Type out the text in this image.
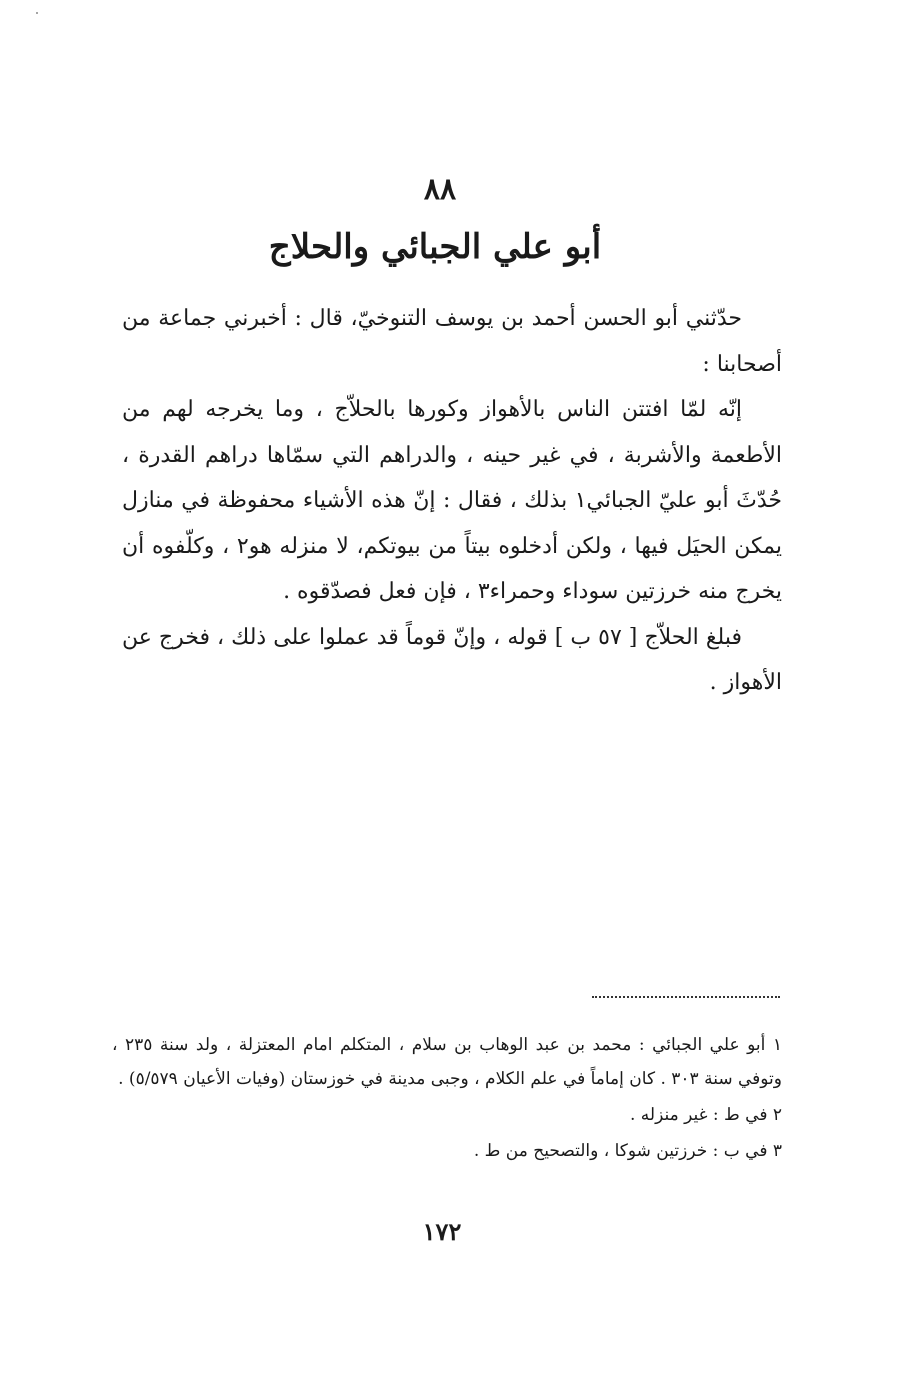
٨٨
أبو علي الجبائي والحلاج

حدّثني أبو الحسن أحمد بن يوسف التنوخيّ، قال : أخبرني جماعة من أصحابنا :

إنّه لمّا افتتن الناس بالأهواز وكورها بالحلاّج ، وما يخرجه لهم من الأطعمة والأشربة ، في غير حينه ، والدراهم التي سمّاها دراهم القدرة ، حُدّثَ أبو عليّ الجبائي١ بذلك ، فقال : إنّ هذه الأشياء محفوظة في منازل يمكن الحيَل فيها ، ولكن أدخلوه بيتاً من بيوتكم، لا منزله هو٢ ، وكلّفوه أن يخرج منه خرزتين سوداء وحمراء٣ ، فإن فعل فصدّقوه .

فبلغ الحلاّج [ ٥٧ ب ] قوله ، وإنّ قوماً قد عملوا على ذلك ، فخرج عن الأهواز .

١ أبو علي الجبائي : محمد بن عبد الوهاب بن سلام ، المتكلم امام المعتزلة ، ولد سنة ٢٣٥ ، وتوفي سنة ٣٠٣ . كان إماماً في علم الكلام ، وجبى مدينة في خوزستان (وفيات الأعيان ٥/٥٧٩) .

٢ في ط : غير منزله .

٣ في ب : خرزتين شوكا ، والتصحيح من ط .

١٧٢
